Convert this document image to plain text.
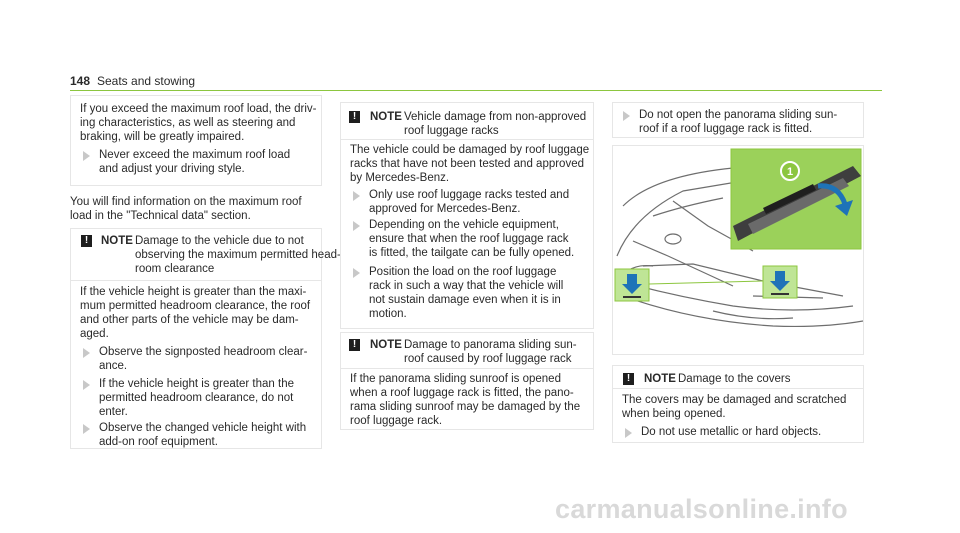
148 Seats and stowing
If you exceed the maximum roof load, the driv-
ing characteristics, as well as steering and
braking, will be greatly impaired.
Never exceed the maximum roof load
and adjust your driving style.
You will find information on the maximum roof
load in the "Technical data" section.
!	NOTE Damage to the vehicle due to not
observing the maximum permitted head-
room clearance
If the vehicle height is greater than the maxi-
mum permitted headroom clearance, the roof
and other parts of the vehicle may be dam-
aged.
Observe the signposted headroom clear-
ance.
If the vehicle height is greater than the
permitted headroom clearance, do not
enter.
Observe the changed vehicle height with
add-on roof equipment.
!	NOTE Vehicle damage from non-approved
roof luggage racks
The vehicle could be damaged by roof luggage
racks that have not been tested and approved
by Mercedes-Benz.
Only use roof luggage racks tested and
approved for Mercedes-Benz.
Depending on the vehicle equipment,
ensure that when the roof luggage rack
is fitted, the tailgate can be fully opened.
Position the load on the roof luggage
rack in such a way that the vehicle will
not sustain damage even when it is in
motion.
!	NOTE Damage to panorama sliding sun-
roof caused by roof luggage rack
If the panorama sliding sunroof is opened
when a roof luggage rack is fitted, the pano-
rama sliding sunroof may be damaged by the
roof luggage rack.
Do not open the panorama sliding sun-
roof if a roof luggage rack is fitted.
1
!	NOTE Damage to the covers
The covers may be damaged and scratched
when being opened.
Do not use metallic or hard objects.
carmanualsonline.info
